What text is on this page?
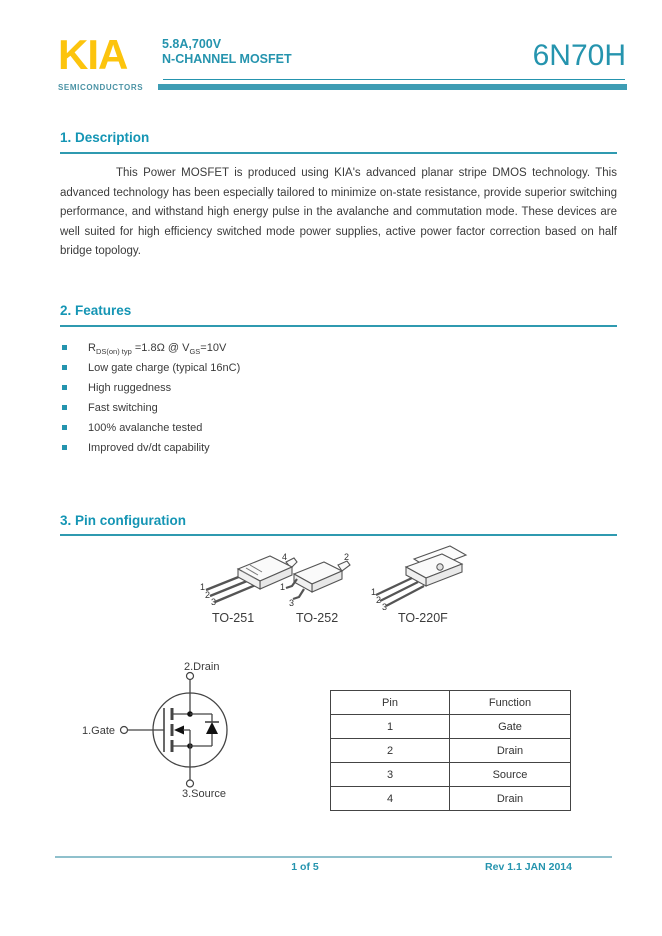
KIA
SEMICONDUCTORS
5.8A,700V
N-CHANNEL MOSFET	6N70H
1. Description
This Power MOSFET is produced using KIA's advanced planar stripe DMOS technology. This advanced technology has been especially tailored to minimize on-state resistance, provide superior switching performance, and withstand high energy pulse in the avalanche and commutation mode. These devices are well suited for high efficiency switched mode power supplies, active power factor correction based on half bridge topology.
2. Features
$R_{DS(on) typ} =1.8\Omega$ @ $V_{GS}=10V$
Low gate charge (typical 16nC)
High ruggedness
Fast switching
100% avalanche tested
Improved dv/dt capability
3. Pin configuration
1
2
3
4
TO-251
1
3
2
TO-252
1
2
3
TO-220F
2.Drain
1.Gate
3.Source
Pin	Function
1	Gate
2	Drain
3	Source
4	Drain
1 of 5	Rev 1.1 JAN 2014
